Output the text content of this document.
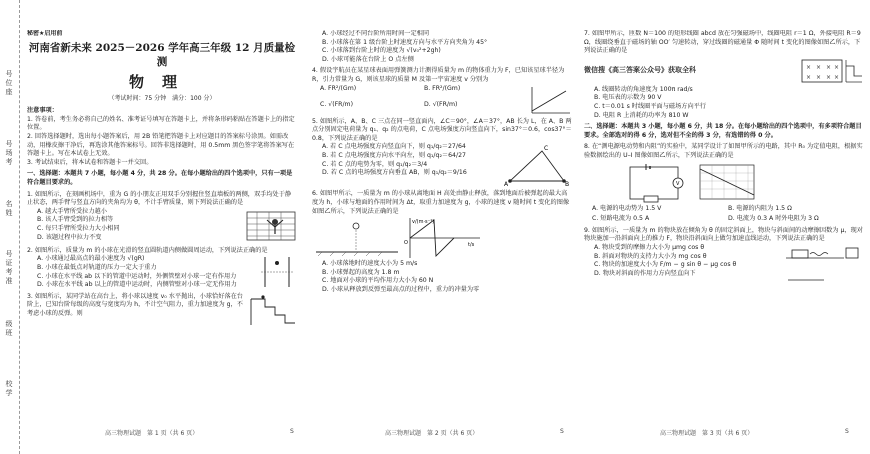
号位座
号场考
名姓
号证考准
级班
校学
秘密★启用前
河南省新未来 2025－2026 学年高三年级 12 月质量检测
物理
（考试时间：75 分钟　满分：100 分）
注意事项：
1. 答卷前，考生务必将自己的姓名、准考证号填写在答题卡上，并将条形码粘贴在答题卡上的指定位置。
2. 回答选择题时，选出每小题答案后，用 2B 铅笔把答题卡上对应题目的答案标号涂黑。如需改动，用橡皮擦干净后，再选涂其他答案标号。回答非选择题时，用 0.5mm 黑色签字笔将答案写在答题卡上。写在本试卷上无效。
3. 考试结束后，将本试卷和答题卡一并交回。
一、选择题：本题共 7 小题，每小题 4 分，共 28 分。在每小题给出的四个选项中，只有一项是符合题目要求的。
1. 如图所示，在刻画机场中，重为 G 的小朋友正用双手分别握住竖直墙板的两侧，双手均处于静止状态，两手臂与竖直方向的夹角均为 θ，不计手臂质量，则下列说法正确的是
A. 越大手臂所受拉力越小
B. 该人手臂受到的拉力相等
C. 每只手臂所受拉力大小相同
D. 该题过程中拉力不变
2. 如图所示，质量为 m 的小球在光滑的竖直圆轨道内侧做圆周运动，下列说法正确的是
A. 小球通过最高点的最小速度为 √(gR)
B. 小球在最低点对轨道的压力一定大于重力
C. 小球在水平线 ab 以下的管道中运动时，外侧管壁对小球一定有作用力
D. 小球在水平线 ab 以上的管道中运动时，内侧管壁对小球一定无作用力
3. 如图所示，某同学站在高台上，将小球以速度 v₀ 水平抛出，小球恰好落在台阶上，已知台阶每级的高度与宽度均为 h，不计空气阻力，重力加速度为 g，不考虑小球的反弹。则
高三物理试题　第 1 页（共 6 页）	S
A. 小球经过不同台阶所用时间一定相同
B. 小球落在第 1 级台阶上时速度方向与水平方向夹角为 45°
C. 小球落到台阶上时的速度为 √(v₀²+2gh)
D. 小球可能落在台阶上 O 点左侧
4. 假设宇航员在某星球表面用弹簧测力计测得质量为 m 的物体重力为 F，已知该星球半径为 R，引力常量为 G，则该星球的质量 M 及第一宇宙速度 v 分别为
A. FR²/(Gm)	B. FR²/(Gm)
C. √(FR/m)	D. √(FR/m)
5. 如图所示，A、B、C 三点在同一竖直面内，∠C＝90°，∠A＝37°，AB 长为 L，在 A、B 两点分别固定电荷量为 q₁、q₂ 的点电荷，C 点电场强度方向竖直向下，sin37°＝0.6，cos37°＝0.8，下列说法正确的是
A. 若 C 点电场强度方向竖直向下，则 q₁/q₂＝27/64
B. 若 C 点电场强度方向水平向左，则 q₁/q₂＝64/27
C. 若 C 点的电势为零，则 q₁/q₂＝3/4
D. 若 C 点的电场强度方向垂直 AB，则 q₁/q₂＝9/16
A	B
C
6. 如图甲所示，一质量为 m 的小球从离地面 H 高处由静止释放，落到地面后被弹起的最大高度为 h，小球与地面的作用时间为 Δt，取重力加速度为 g，小球的速度 v 随时间 t 变化的图像如图乙所示，下列说法正确的是
v/(m·s⁻¹)
t/s
O
A. 小球落地时的速度大小为 5 m/s
B. 小球弹起的高度为 1.8 m
C. 地面对小球的平均作用力大小为 60 N
D. 小球从释放到反弹至最高点的过程中，重力的冲量为零
高三物理试题　第 2 页（共 6 页）	S
7. 如图甲所示，匝数 N＝100 的矩形线圈 abcd 放在匀强磁场中，线圈电阻 r＝1 Ω，外接电阻 R＝9 Ω，线圈绕垂直于磁场的轴 OO′ 匀速转动，穿过线圈的磁通量 Φ 随时间 t 变化的图像如图乙所示，下列说法正确的是
微信搜《高三答案公众号》获取全科	× × × ×
× × × ×
A. 线圈转动的角速度为 100π rad/s
B. 电压表的示数为 90 V
C. t＝0.01 s 时线圈平面与磁场方向平行
D. 电阻 R 上消耗的功率为 810 W
二、选择题：本题共 3 小题，每小题 6 分，共 18 分。在每小题给出的四个选项中，有多项符合题目要求。全部选对的得 6 分，选对但不全的得 3 分，有选错的得 0 分。
8. 在“测电源电动势和内阻”的实验中，某同学设计了如图甲所示的电路，其中 R₀ 为定值电阻，根据实验数据绘出的 U–I 图像如图乙所示，下列说法正确的是
V
A. 电源的电动势为 1.5 V	B. 电源的内阻为 1.5 Ω
C. 短路电流为 0.5 A	D. 电流为 0.3 A 时外电阻为 3 Ω
9. 如图所示，一质量为 m 的物块放在倾角为 θ 的固定斜面上，物块与斜面间的动摩擦因数为 μ，现对物块施加一沿斜面向上的推力 F，物块沿斜面向上做匀加速直线运动，下列说法正确的是
A. 物块受到的摩擦力大小为 μmg cos θ
B. 斜面对物块的支持力大小为 mg cos θ
C. 物块的加速度大小为 F/m − g sin θ − μg cos θ
D. 物块对斜面的作用力方向竖直向下
高三物理试题　第 3 页（共 6 页）	S
